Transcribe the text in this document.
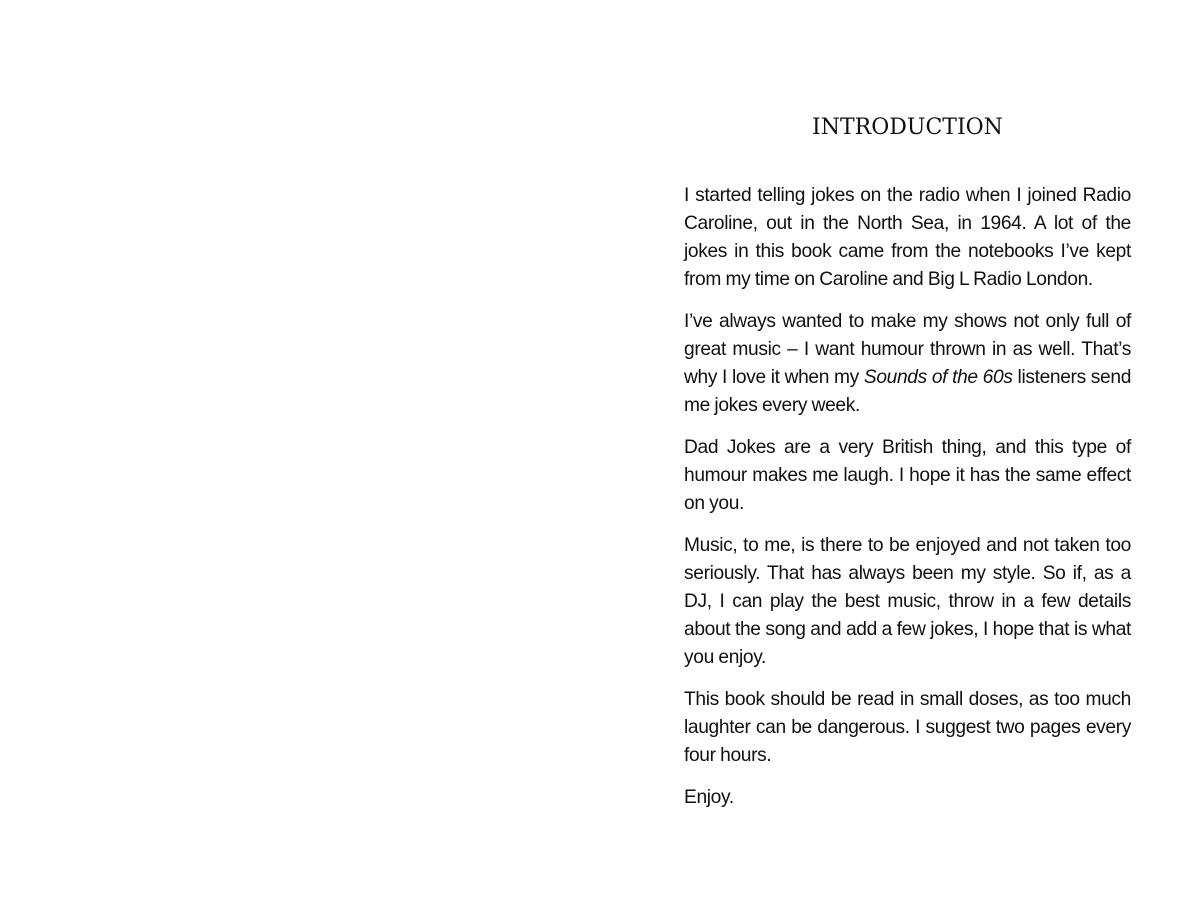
INTRODUCTION

I started telling jokes on the radio when I joined Radio Caroline, out in the North Sea, in 1964. A lot of the jokes in this book came from the notebooks I’ve kept from my time on Caroline and Big L Radio London.

I’ve always wanted to make my shows not only full of great music – I want humour thrown in as well. That’s why I love it when my Sounds of the 60s listeners send me jokes every week.

Dad Jokes are a very British thing, and this type of humour makes me laugh. I hope it has the same effect on you.

Music, to me, is there to be enjoyed and not taken too seriously. That has always been my style. So if, as a DJ, I can play the best music, throw in a few details about the song and add a few jokes, I hope that is what you enjoy.

This book should be read in small doses, as too much laughter can be dangerous. I suggest two pages every four hours.

Enjoy.
